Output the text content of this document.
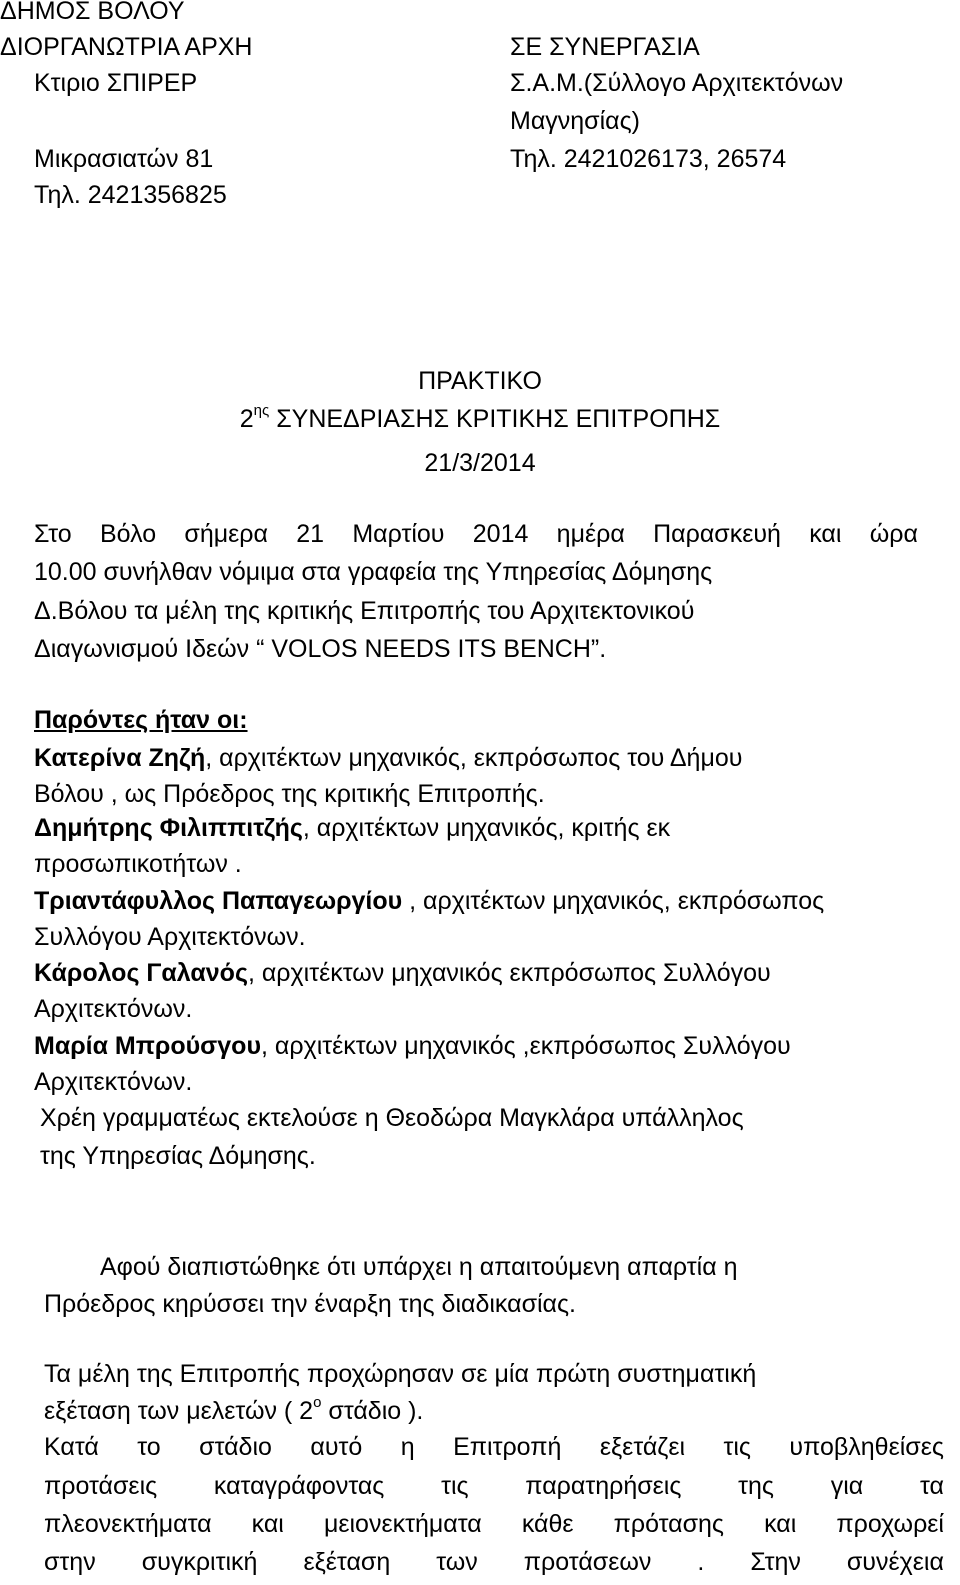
ΔΗΜΟΣ ΒΟΛΟΥ
ΔΙΟΡΓΑΝΩΤΡΙΑ ΑΡΧΗ
Κτιριο ΣΠΙΡΕΡ
Μικρασιατών 81
Τηλ. 2421356825
ΣΕ ΣΥΝΕΡΓΑΣΙΑ
Σ.Α.Μ.(Σύλλογο Αρχιτεκτόνων
Μαγνησίας)
Τηλ. 2421026173, 26574
ΠΡΑΚΤΙΚΟ
$2^{\eta\varsigma}$ ΣΥΝΕΔΡΙΑΣΗΣ ΚΡΙΤΙΚΗΣ ΕΠΙΤΡΟΠΗΣ
21/3/2014
Στο Βόλο σήμερα 21 Μαρτίου 2014 ημέρα Παρασκευή και ώρα
10.00 συνήλθαν νόμιμα στα γραφεία της Υπηρεσίας Δόμησης
Δ.Βόλου τα μέλη της κριτικής Επιτροπής του Αρχιτεκτονικού
Διαγωνισμού Ιδεών “ VOLOS NEEDS ITS BENCH”.
Παρόντες ήταν οι:
Κατερίνα Ζηζή, αρχιτέκτων μηχανικός, εκπρόσωπος του Δήμου
Βόλου , ως Πρόεδρος της κριτικής Επιτροπής.
Δημήτρης Φιλιππιτζής, αρχιτέκτων μηχανικός, κριτής εκ
προσωπικοτήτων .
Τριαντάφυλλος Παπαγεωργίου , αρχιτέκτων μηχανικός, εκπρόσωπος
Συλλόγου Αρχιτεκτόνων.
Κάρολος Γαλανός, αρχιτέκτων μηχανικός εκπρόσωπος Συλλόγου
Αρχιτεκτόνων.
Μαρία Μπρούσγου, αρχιτέκτων μηχανικός ,εκπρόσωπος Συλλόγου
Αρχιτεκτόνων.
Χρέη γραμματέως εκτελούσε η Θεοδώρα Μαγκλάρα υπάλληλος
της Υπηρεσίας Δόμησης.
Αφού διαπιστώθηκε ότι υπάρχει η απαιτούμενη απαρτία η
Πρόεδρος κηρύσσει την έναρξη της διαδικασίας.
Τα μέλη της Επιτροπής προχώρησαν σε μία πρώτη συστηματική
εξέταση των μελετών ( $2^o$ στάδιο ).
Κατά το στάδιο αυτό η Επιτροπή εξετάζει τις υποβληθείσες
προτάσεις καταγράφοντας τις παρατηρήσεις της για τα
πλεονεκτήματα και μειονεκτήματα κάθε πρότασης και προχωρεί
στην συγκριτική εξέταση των προτάσεων . Στην συνέχεια
